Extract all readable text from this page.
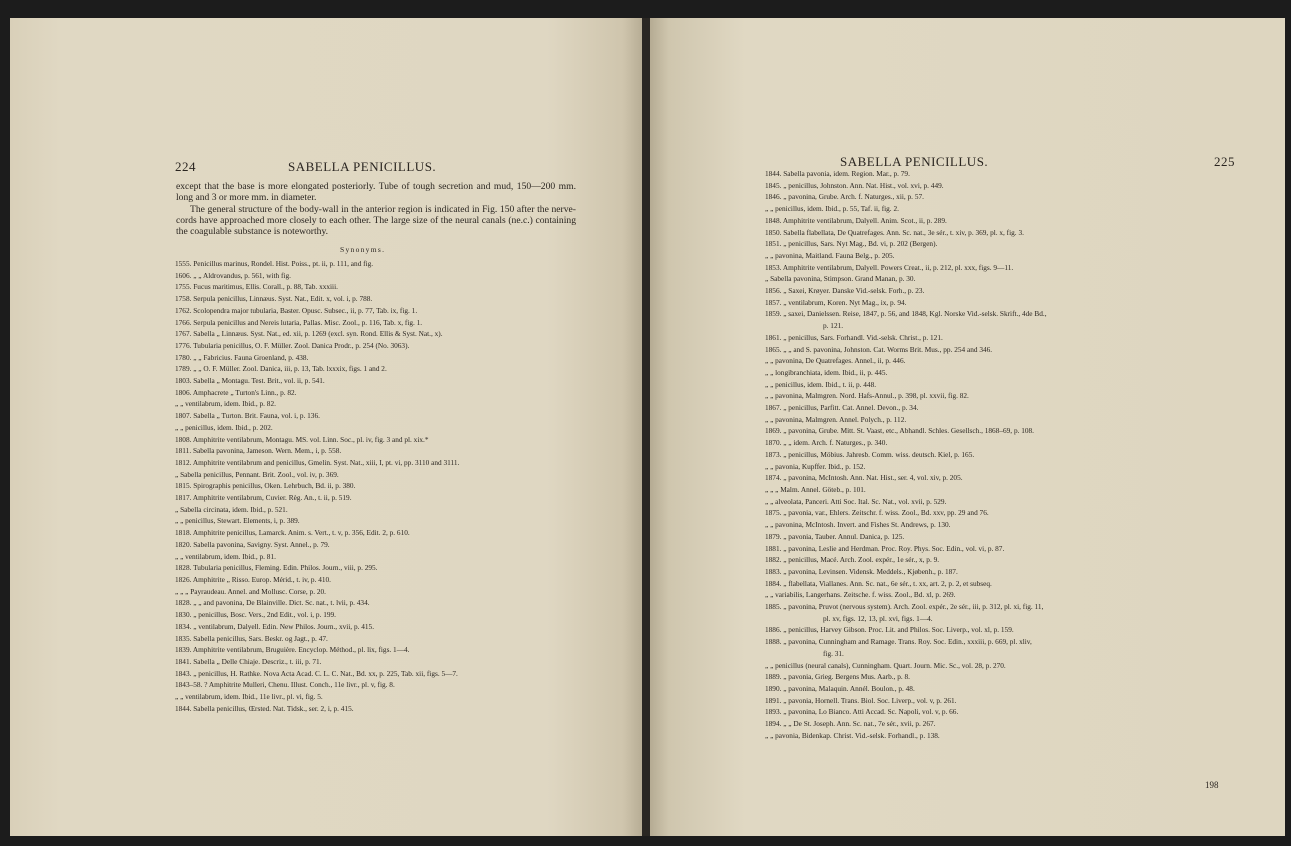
224	SABELLA PENICILLUS.
except that the base is more elongated posteriorly. Tube of tough secretion and mud, 150—200 mm. long and 3 or more mm. in diameter.
The general structure of the body-wall in the anterior region is indicated in Fig. 150 after the nerve-cords have approached more closely to each other. The large size of the neural canals (ne.c.) containing the coagulable substance is noteworthy.
Synonyms.
1555. Penicillus marinus, Rondel. Hist. Poiss., pt. ii, p. 111, and fig.
1606. „ „ Aldrovandus, p. 561, with fig.
1755. Fucus maritimus, Ellis. Corall., p. 88, Tab. xxxiii.
1758. Serpula penicillus, Linnæus. Syst. Nat., Edit. x, vol. i, p. 788.
1762. Scolopendra major tubularia, Baster. Opusc. Subsec., ii, p. 77, Tab. ix, fig. 1.
1766. Serpula penicillus and Nereis lutaria, Pallas. Misc. Zool., p. 116, Tab. x, fig. 1.
1767. Sabella „ Linnæus. Syst. Nat., ed. xii, p. 1269 (excl. syn. Rond. Ellis & Syst. Nat., x).
1776. Tubularia penicillus, O. F. Müller. Zool. Danica Prodr., p. 254 (No. 3063).
1780. „ „ Fabricius. Fauna Groenland, p. 438.
1789. „ „ O. F. Müller. Zool. Danica, iii, p. 13, Tab. lxxxix, figs. 1 and 2.
1803. Sabella „ Montagu. Test. Brit., vol. ii, p. 541.
1806. Amphacrete „ Turton's Linn., p. 82.
„ „ ventilabrum, idem. Ibid., p. 82.
1807. Sabella „ Turton. Brit. Fauna, vol. i, p. 136.
„ „ penicillus, idem. Ibid., p. 202.
1808. Amphitrite ventilabrum, Montagu. MS. vol. Linn. Soc., pl. iv, fig. 3 and pl. xix.*
1811. Sabella pavonina, Jameson. Wern. Mem., i, p. 558.
1812. Amphitrite ventilabrum and penicillus, Gmelin. Syst. Nat., xiii, I, pt. vi, pp. 3110 and 3111.
„ Sabella penicillus, Pennant. Brit. Zool., vol. iv, p. 369.
1815. Spirographis penicillus, Oken. Lehrbuch, Bd. ii, p. 380.
1817. Amphitrite ventilabrum, Cuvier. Règ. An., t. ii, p. 519.
„ Sabella circinata, idem. Ibid., p. 521.
„ „ penicillus, Stewart. Elements, i, p. 389.
1818. Amphitrite penicillus, Lamarck. Anim. s. Vert., t. v, p. 356, Edit. 2, p. 610.
1820. Sabella pavonina, Savigny. Syst. Annel., p. 79.
„ „ ventilabrum, idem. Ibid., p. 81.
1828. Tubularia penicillus, Fleming. Edin. Philos. Journ., viii, p. 295.
1826. Amphitrite „ Risso. Europ. Mérid., t. iv, p. 410.
„ „ „ Payraudeau. Annel. and Mollusc. Corse, p. 20.
1828. „ „ and pavonina, De Blainville. Dict. Sc. nat., t. lvii, p. 434.
1830. „ penicillus, Bosc. Vers., 2nd Edit., vol. i, p. 199.
1834. „ ventilabrum, Dalyell. Edin. New Philos. Journ., xvii, p. 415.
1835. Sabella penicillus, Sars. Beskr. og Jagt., p. 47.
1839. Amphitrite ventilabrum, Bruguière. Encyclop. Méthod., pl. lix, figs. 1—4.
1841. Sabella „ Delle Chiaje. Descriz., t. iii, p. 71.
1843. „ penicillus, H. Rathke. Nova Acta Acad. C. L. C. Nat., Bd. xx, p. 225, Tab. xii, figs. 5—7.
1843–58. ? Amphitrite Mulleri, Chenu. Illust. Conch., 11e livr., pl. v, fig. 8.
„ „ ventilabrum, idem. Ibid., 11e livr., pl. vi, fig. 5.
1844. Sabella penicillus, Œrsted. Nat. Tidsk., ser. 2, i, p. 415.
SABELLA PENICILLUS.	225
1844. Sabella pavonia, idem. Region. Mar., p. 79.
1845. „ penicillus, Johnston. Ann. Nat. Hist., vol. xvi, p. 449.
1846. „ pavonina, Grube. Arch. f. Naturges., xii, p. 57.
„ „ penicillus, idem. Ibid., p. 55, Taf. ii, fig. 2.
1848. Amphitrite ventilabrum, Dalyell. Anim. Scot., ii, p. 289.
1850. Sabella flabellata, De Quatrefages. Ann. Sc. nat., 3e sér., t. xiv, p. 369, pl. x, fig. 3.
1851. „ penicillus, Sars. Nyt Mag., Bd. vi, p. 202 (Bergen).
„ „ pavonina, Maitland. Fauna Belg., p. 205.
1853. Amphitrite ventilabrum, Dalyell. Powers Creat., ii, p. 212, pl. xxx, figs. 9—11.
„ Sabella pavonina, Stimpson. Grand Manan, p. 30.
1856. „ Saxei, Krøyer. Danske Vid.-selsk. Forh., p. 23.
1857. „ ventilabrum, Koren. Nyt Mag., ix, p. 94.
1859. „ saxei, Danielssen. Reise, 1847, p. 56, and 1848, Kgl. Norske Vid.-selsk. Skrift., 4de Bd.,
p. 121.
1861. „ penicillus, Sars. Forhandl. Vid.-selsk. Christ., p. 121.
1865. „ „ and S. pavonina, Johnston. Cat. Worms Brit. Mus., pp. 254 and 346.
„ „ pavonina, De Quatrefages. Annel., ii, p. 446.
„ „ longibranchiata, idem. Ibid., ii, p. 445.
„ „ penicillus, idem. Ibid., t. ii, p. 448.
„ „ pavonina, Malmgren. Nord. Hafs-Annul., p. 398, pl. xxvii, fig. 82.
1867. „ penicillus, Parfitt. Cat. Annel. Devon., p. 34.
„ „ pavonina, Malmgren. Annel. Polych., p. 112.
1869. „ pavonina, Grube. Mitt. St. Vaast, etc., Abhandl. Schles. Gesellsch., 1868–69, p. 108.
1870. „ „ idem. Arch. f. Naturges., p. 340.
1873. „ penicillus, Möbius. Jahresb. Comm. wiss. deutsch. Kiel, p. 165.
„ „ pavonia, Kupffer. Ibid., p. 152.
1874. „ pavonina, McIntosh. Ann. Nat. Hist., ser. 4, vol. xiv, p. 205.
„ „ „ Malm. Annel. Göteb., p. 101.
„ „ alveolata, Panceri. Atti Soc. Ital. Sc. Nat., vol. xvii, p. 529.
1875. „ pavonia, var., Ehlers. Zeitschr. f. wiss. Zool., Bd. xxv, pp. 29 and 76.
„ „ pavonina, McIntosh. Invert. and Fishes St. Andrews, p. 130.
1879. „ pavonia, Tauber. Annul. Danica, p. 125.
1881. „ pavonina, Leslie and Herdman. Proc. Roy. Phys. Soc. Edin., vol. vi, p. 87.
1882. „ penicillus, Macé. Arch. Zool. expér., 1e sér., x, p. 9.
1883. „ pavonina, Levinsen. Vidensk. Meddels., Kjøbenh., p. 187.
1884. „ flabellata, Viallanes. Ann. Sc. nat., 6e sér., t. xx, art. 2, p. 2, et subseq.
„ „ variabilis, Langerhans. Zeitsche. f. wiss. Zool., Bd. xl, p. 269.
1885. „ pavonina, Pruvot (nervous system). Arch. Zool. expér., 2e sér., iii, p. 312, pl. xi, fig. 11,
pl. xv, figs. 12, 13, pl. xvi, figs. 1—4.
1886. „ penicillus, Harvey Gibson. Proc. Lit. and Philos. Soc. Liverp., vol. xl, p. 159.
1888. „ pavonina, Cunningham and Ramage. Trans. Roy. Soc. Edin., xxxiii, p. 669, pl. xliv,
fig. 31.
„ „ penicillus (neural canals), Cunningham. Quart. Journ. Mic. Sc., vol. 28, p. 270.
1889. „ pavonia, Grieg. Bergens Mus. Aarb., p. 8.
1890. „ pavonina, Malaquin. Annél. Boulon., p. 48.
1891. „ pavonia, Hornell. Trans. Biol. Soc. Liverp., vol. v, p. 261.
1893. „ pavonina, Lo Bianco. Atti Accad. Sc. Napoli, vol. v, p. 66.
1894. „ „ De St. Joseph. Ann. Sc. nat., 7e sér., xvii, p. 267.
„ „ pavonia, Bidenkap. Christ. Vid.-selsk. Forhandl., p. 138.
198
